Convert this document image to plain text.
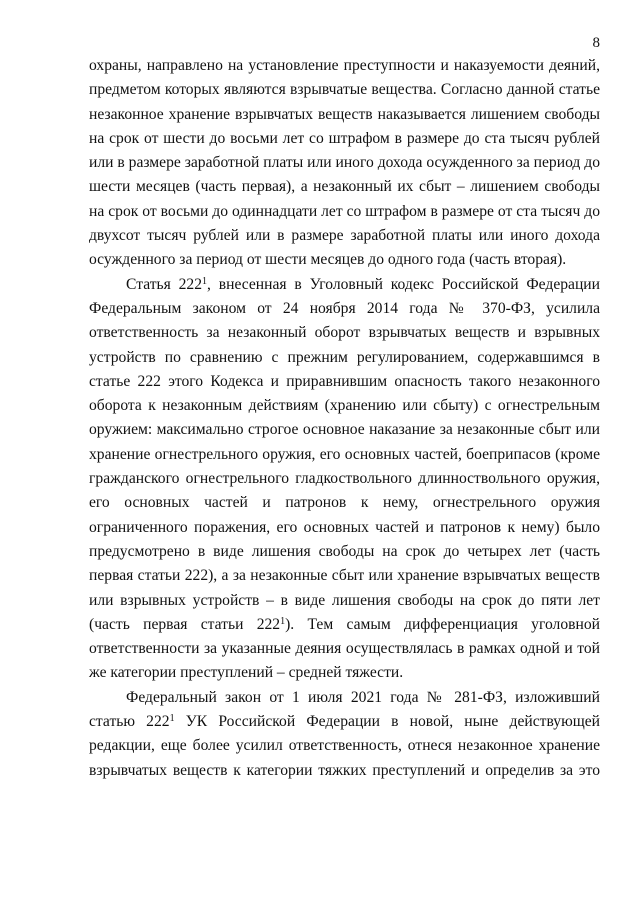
8

охраны, направлено на установление преступности и наказуемости деяний, предметом которых являются взрывчатые вещества. Согласно данной статье незаконное хранение взрывчатых веществ наказывается лишением свободы на срок от шести до восьми лет со штрафом в размере до ста тысяч рублей или в размере заработной платы или иного дохода осужденного за период до шести месяцев (часть первая), а незаконный их сбыт – лишением свободы на срок от восьми до одиннадцати лет со штрафом в размере от ста тысяч до двухсот тысяч рублей или в размере заработной платы или иного дохода осужденного за период от шести месяцев до одного года (часть вторая).

Статья $222^1$, внесенная в Уголовный кодекс Российской Федерации Федеральным законом от 24 ноября 2014 года № 370-ФЗ, усилила ответственность за незаконный оборот взрывчатых веществ и взрывных устройств по сравнению с прежним регулированием, содержавшимся в статье 222 этого Кодекса и приравнившим опасность такого незаконного оборота к незаконным действиям (хранению или сбыту) с огнестрельным оружием: максимально строгое основное наказание за незаконные сбыт или хранение огнестрельного оружия, его основных частей, боеприпасов (кроме гражданского огнестрельного гладкоствольного длинноствольного оружия, его основных частей и патронов к нему, огнестрельного оружия ограниченного поражения, его основных частей и патронов к нему) было предусмотрено в виде лишения свободы на срок до четырех лет (часть первая статьи 222), а за незаконные сбыт или хранение взрывчатых веществ или взрывных устройств – в виде лишения свободы на срок до пяти лет (часть первая статьи $222^1$). Тем самым дифференциация уголовной ответственности за указанные деяния осуществлялась в рамках одной и той же категории преступлений – средней тяжести.

Федеральный закон от 1 июля 2021 года № 281-ФЗ, изложивший статью $222^1$ УК Российской Федерации в новой, ныне действующей редакции, еще более усилил ответственность, отнеся незаконное хранение взрывчатых веществ к категории тяжких преступлений и определив за это
